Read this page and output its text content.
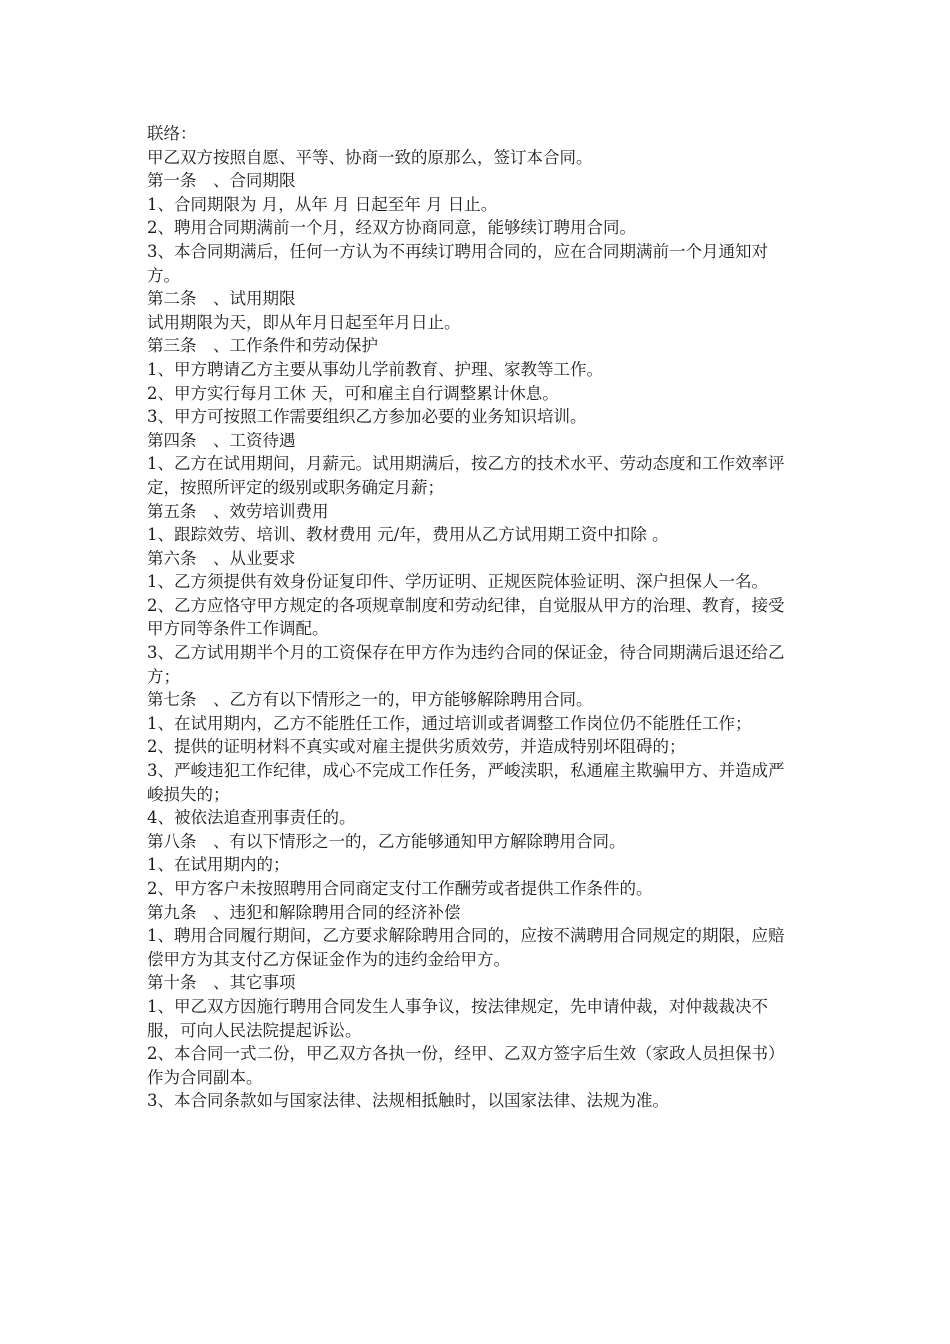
联络：
甲乙双方按照自愿、平等、协商一致的原那么，签订本合同。
第一条　、合同期限
1、合同期限为 月，从年 月 日起至年 月 日止。
2、聘用合同期满前一个月，经双方协商同意，能够续订聘用合同。
3、本合同期满后，任何一方认为不再续订聘用合同的，应在合同期满前一个月通知对方。
第二条　、试用期限
试用期限为天，即从年月日起至年月日止。
第三条　、工作条件和劳动保护
1、甲方聘请乙方主要从事幼儿学前教育、护理、家教等工作。
2、甲方实行每月工休 天，可和雇主自行调整累计休息。
3、甲方可按照工作需要组织乙方参加必要的业务知识培训。
第四条　、工资待遇
1、乙方在试用期间，月薪元。试用期满后，按乙方的技术水平、劳动态度和工作效率评定，按照所评定的级别或职务确定月薪；
第五条　、效劳培训费用
1、跟踪效劳、培训、教材费用 元/年，费用从乙方试用期工资中扣除 。
第六条　、从业要求
1、乙方须提供有效身份证复印件、学历证明、正规医院体验证明、深户担保人一名。
2、乙方应恪守甲方规定的各项规章制度和劳动纪律，自觉服从甲方的治理、教育，接受甲方同等条件工作调配。
3、乙方试用期半个月的工资保存在甲方作为违约合同的保证金，待合同期满后退还给乙方；
第七条　、乙方有以下情形之一的，甲方能够解除聘用合同。
1、在试用期内，乙方不能胜任工作，通过培训或者调整工作岗位仍不能胜任工作；
2、提供的证明材料不真实或对雇主提供劣质效劳，并造成特别坏阻碍的；
3、严峻违犯工作纪律，成心不完成工作任务，严峻渎职，私通雇主欺骗甲方、并造成严峻损失的；
4、被依法追查刑事责任的。
第八条　、有以下情形之一的，乙方能够通知甲方解除聘用合同。
1、在试用期内的；
2、甲方客户未按照聘用合同商定支付工作酬劳或者提供工作条件的。
第九条　、违犯和解除聘用合同的经济补偿
1、聘用合同履行期间，乙方要求解除聘用合同的，应按不满聘用合同规定的期限，应赔偿甲方为其支付乙方保证金作为的违约金给甲方。
第十条　、其它事项
1、甲乙双方因施行聘用合同发生人事争议，按法律规定，先申请仲裁，对仲裁裁决不服，可向人民法院提起诉讼。
2、本合同一式二份，甲乙双方各执一份，经甲、乙双方签字后生效（家政人员担保书）作为合同副本。
3、本合同条款如与国家法律、法规相抵触时，以国家法律、法规为准。
